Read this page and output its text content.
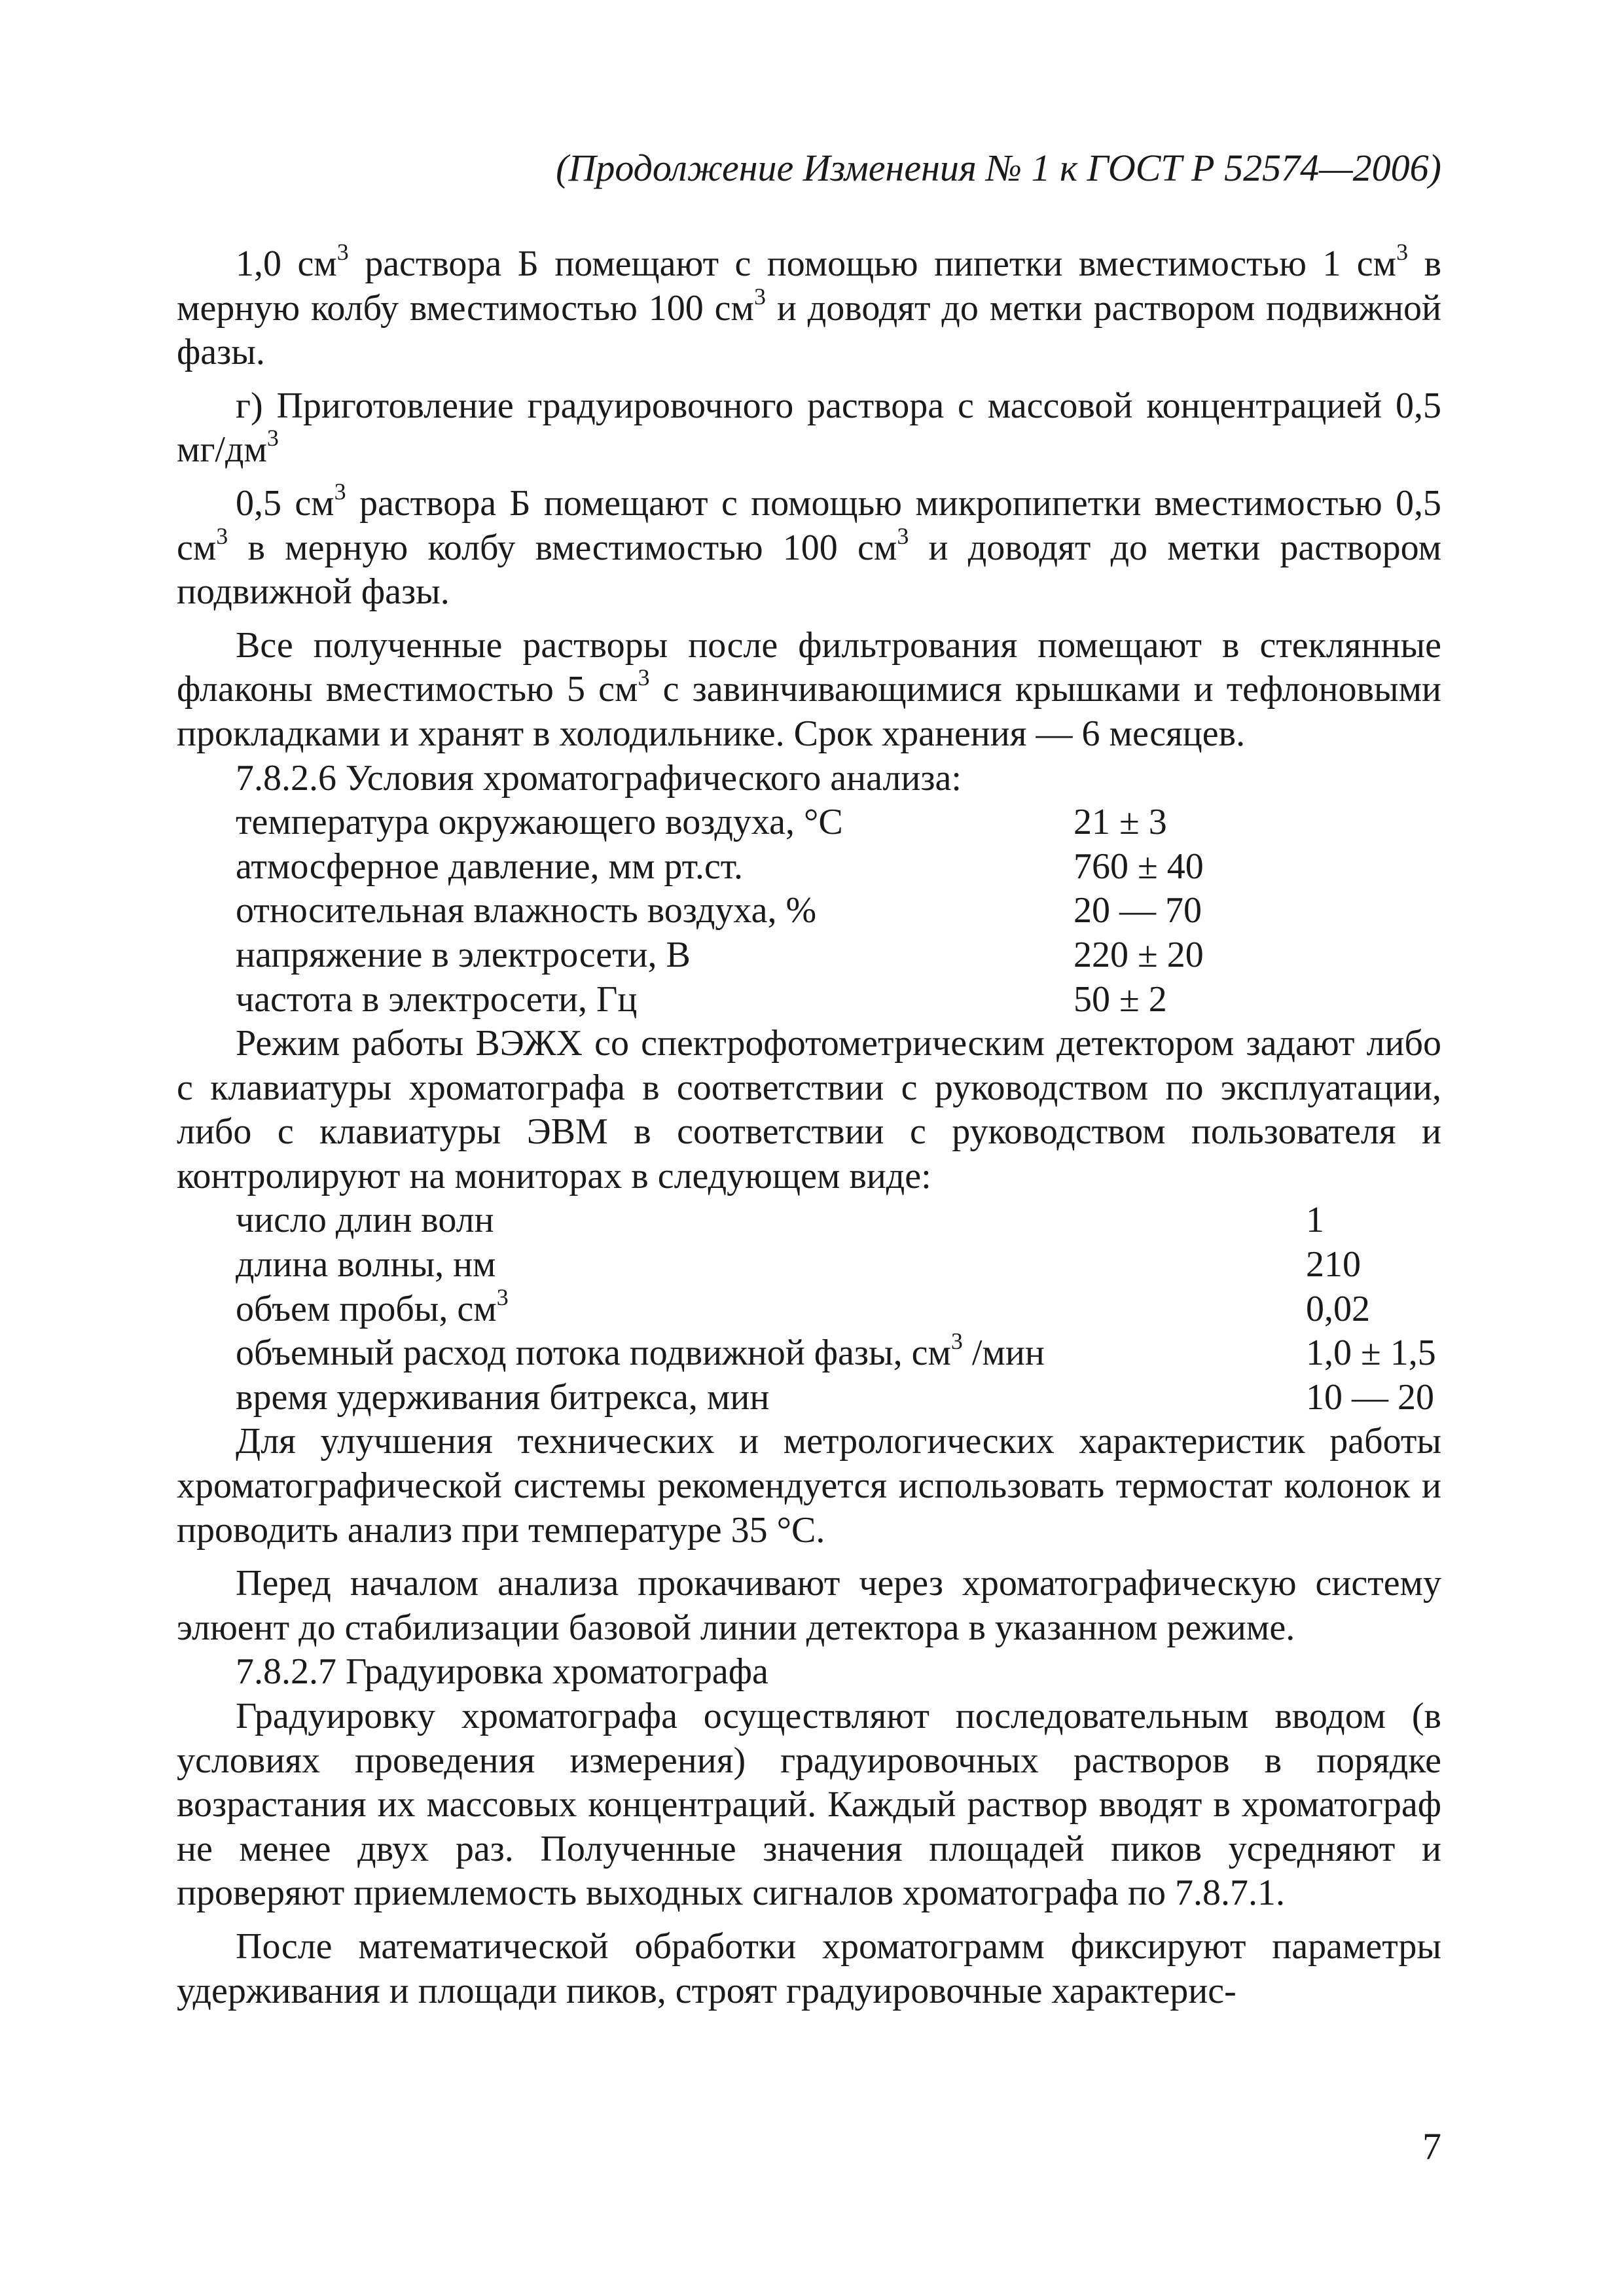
(Продолжение Изменения № 1 к ГОСТ Р 52574—2006)

1,0 $см^3$ раствора Б помещают с помощью пипетки вместимостью 1 $см^3$ в мерную колбу вместимостью 100 $см^3$ и доводят до метки раствором подвижной фазы.

г) Приготовление градуировочного раствора с массовой концентрацией 0,5 $мг/дм^3$

0,5 $см^3$ раствора Б помещают с помощью микропипетки вместимостью 0,5 $см^3$ в мерную колбу вместимостью 100 $см^3$ и доводят до метки раствором подвижной фазы.

Все полученные растворы после фильтрования помещают в стеклянные флаконы вместимостью 5 $см^3$ с завинчивающимися крышками и тефлоновыми прокладками и хранят в холодильнике. Срок хранения — 6 месяцев.

7.8.2.6 Условия хроматографического анализа:

температура окружающего воздуха, °С	21 ± 3
атмосферное давление, мм рт.ст.	760 ± 40
относительная влажность воздуха, %	20 — 70
напряжение в электросети, В	220 ± 20
частота в электросети, Гц	50 ± 2

Режим работы ВЭЖХ со спектрофотометрическим детектором задают либо с клавиатуры хроматографа в соответствии с руководством по эксплуатации, либо с клавиатуры ЭВМ в соответствии с руководством пользователя и контролируют на мониторах в следующем виде:

число длин волн	1
длина волны, нм	210
объем пробы, $см^3$	0,02
объемный расход потока подвижной фазы, $см^3$ /мин	1,0 ± 1,5
время удерживания битрекса, мин	10 — 20

Для улучшения технических и метрологических характеристик работы хроматографической системы рекомендуется использовать термостат колонок и проводить анализ при температуре 35 °С.

Перед началом анализа прокачивают через хроматографическую систему элюент до стабилизации базовой линии детектора в указанном режиме.

7.8.2.7 Градуировка хроматографа

Градуировку хроматографа осуществляют последовательным вводом (в условиях проведения измерения) градуировочных растворов в порядке возрастания их массовых концентраций. Каждый раствор вводят в хроматограф не менее двух раз. Полученные значения площадей пиков усредняют и проверяют приемлемость выходных сигналов хроматографа по 7.8.7.1.

После математической обработки хроматограмм фиксируют параметры удерживания и площади пиков, строят градуировочные характерис-

7
